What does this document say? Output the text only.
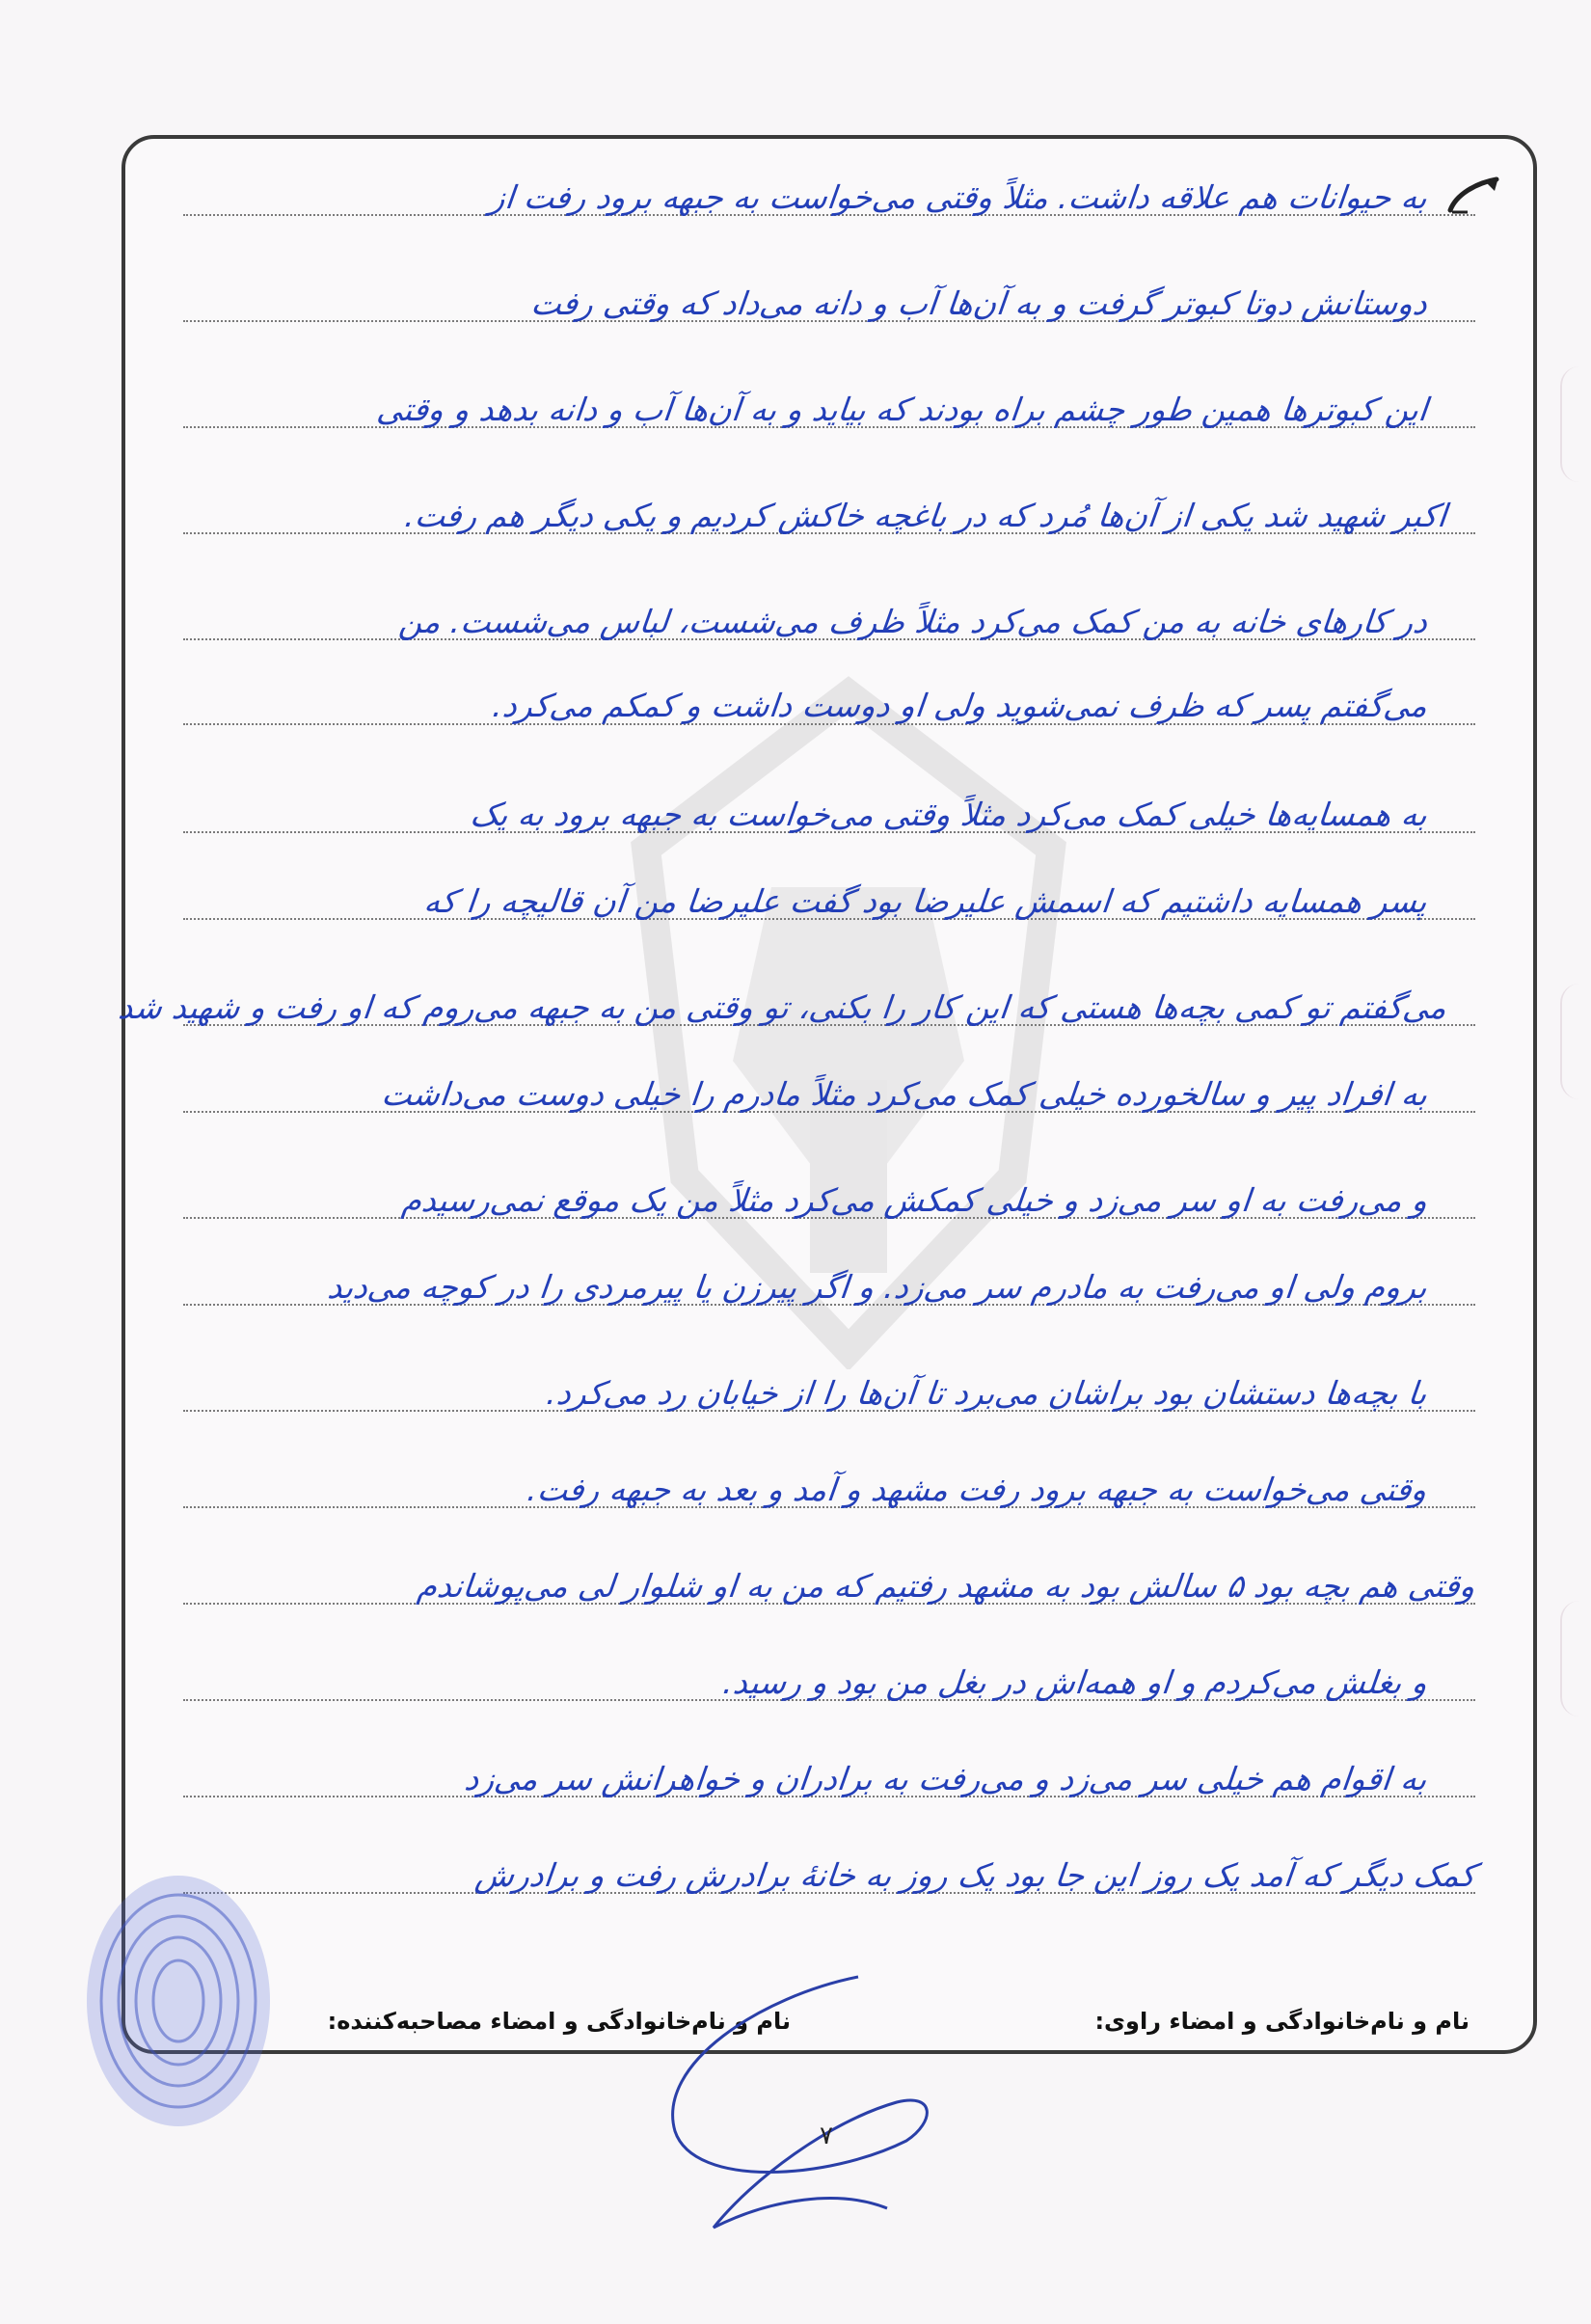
به حیوانات هم علاقه داشت. مثلاً وقتی می‌خواست به جبهه برود رفت از
دوستانش دوتا کبوتر گرفت و به آن‌ها آب و دانه می‌داد که وقتی رفت
این کبوترها همین طور چشم براه بودند که بیاید و به آن‌ها آب و دانه بدهد و وقتی
اکبر شهید شد یکی از آن‌ها مُرد که در باغچه خاکش کردیم و یکی دیگر هم رفت.
در کارهای خانه به من کمک می‌کرد مثلاً ظرف می‌شست، لباس می‌شست. من
می‌گفتم پسر که ظرف نمی‌شوید ولی او دوست داشت و کمکم می‌کرد.
به همسایه‌ها خیلی کمک می‌کرد مثلاً وقتی می‌خواست به جبهه برود به یک
پسر همسایه داشتیم که اسمش علیرضا بود گفت علیرضا من آن قالیچه را که
می‌گفتم تو کمی بچه‌ها هستی که این کار را بکنی، تو وقتی من به جبهه می‌روم که او رفت و شهید شد
به افراد پیر و سالخورده خیلی کمک می‌کرد مثلاً مادرم را خیلی دوست می‌داشت
و می‌رفت به او سر می‌زد و خیلی کمکش می‌کرد مثلاً من یک موقع نمی‌رسیدم
بروم ولی او می‌رفت به مادرم سر می‌زد. و اگر پیرزن یا پیرمردی را در کوچه می‌دید
با بچه‌ها دستشان بود براشان می‌برد تا آن‌ها را از خیابان رد می‌کرد.
وقتی می‌خواست به جبهه برود رفت مشهد و آمد و بعد به جبهه رفت.
وقتی هم بچه بود ۵ سالش بود به مشهد رفتیم که من به او شلوار لی می‌پوشاندم
و بغلش می‌کردم و او همه‌اش در بغل من بود و رسید.
به اقوام هم خیلی سر می‌زد و می‌رفت به برادران و خواهرانش سر می‌زد
کمک دیگر که آمد یک روز این جا بود یک روز به خانهٔ برادرش رفت و برادرش
نام و نام‌خانوادگی و امضاء راوی:
نام و نام‌خانوادگی و امضاء مصاحبه‌کننده:
۷
